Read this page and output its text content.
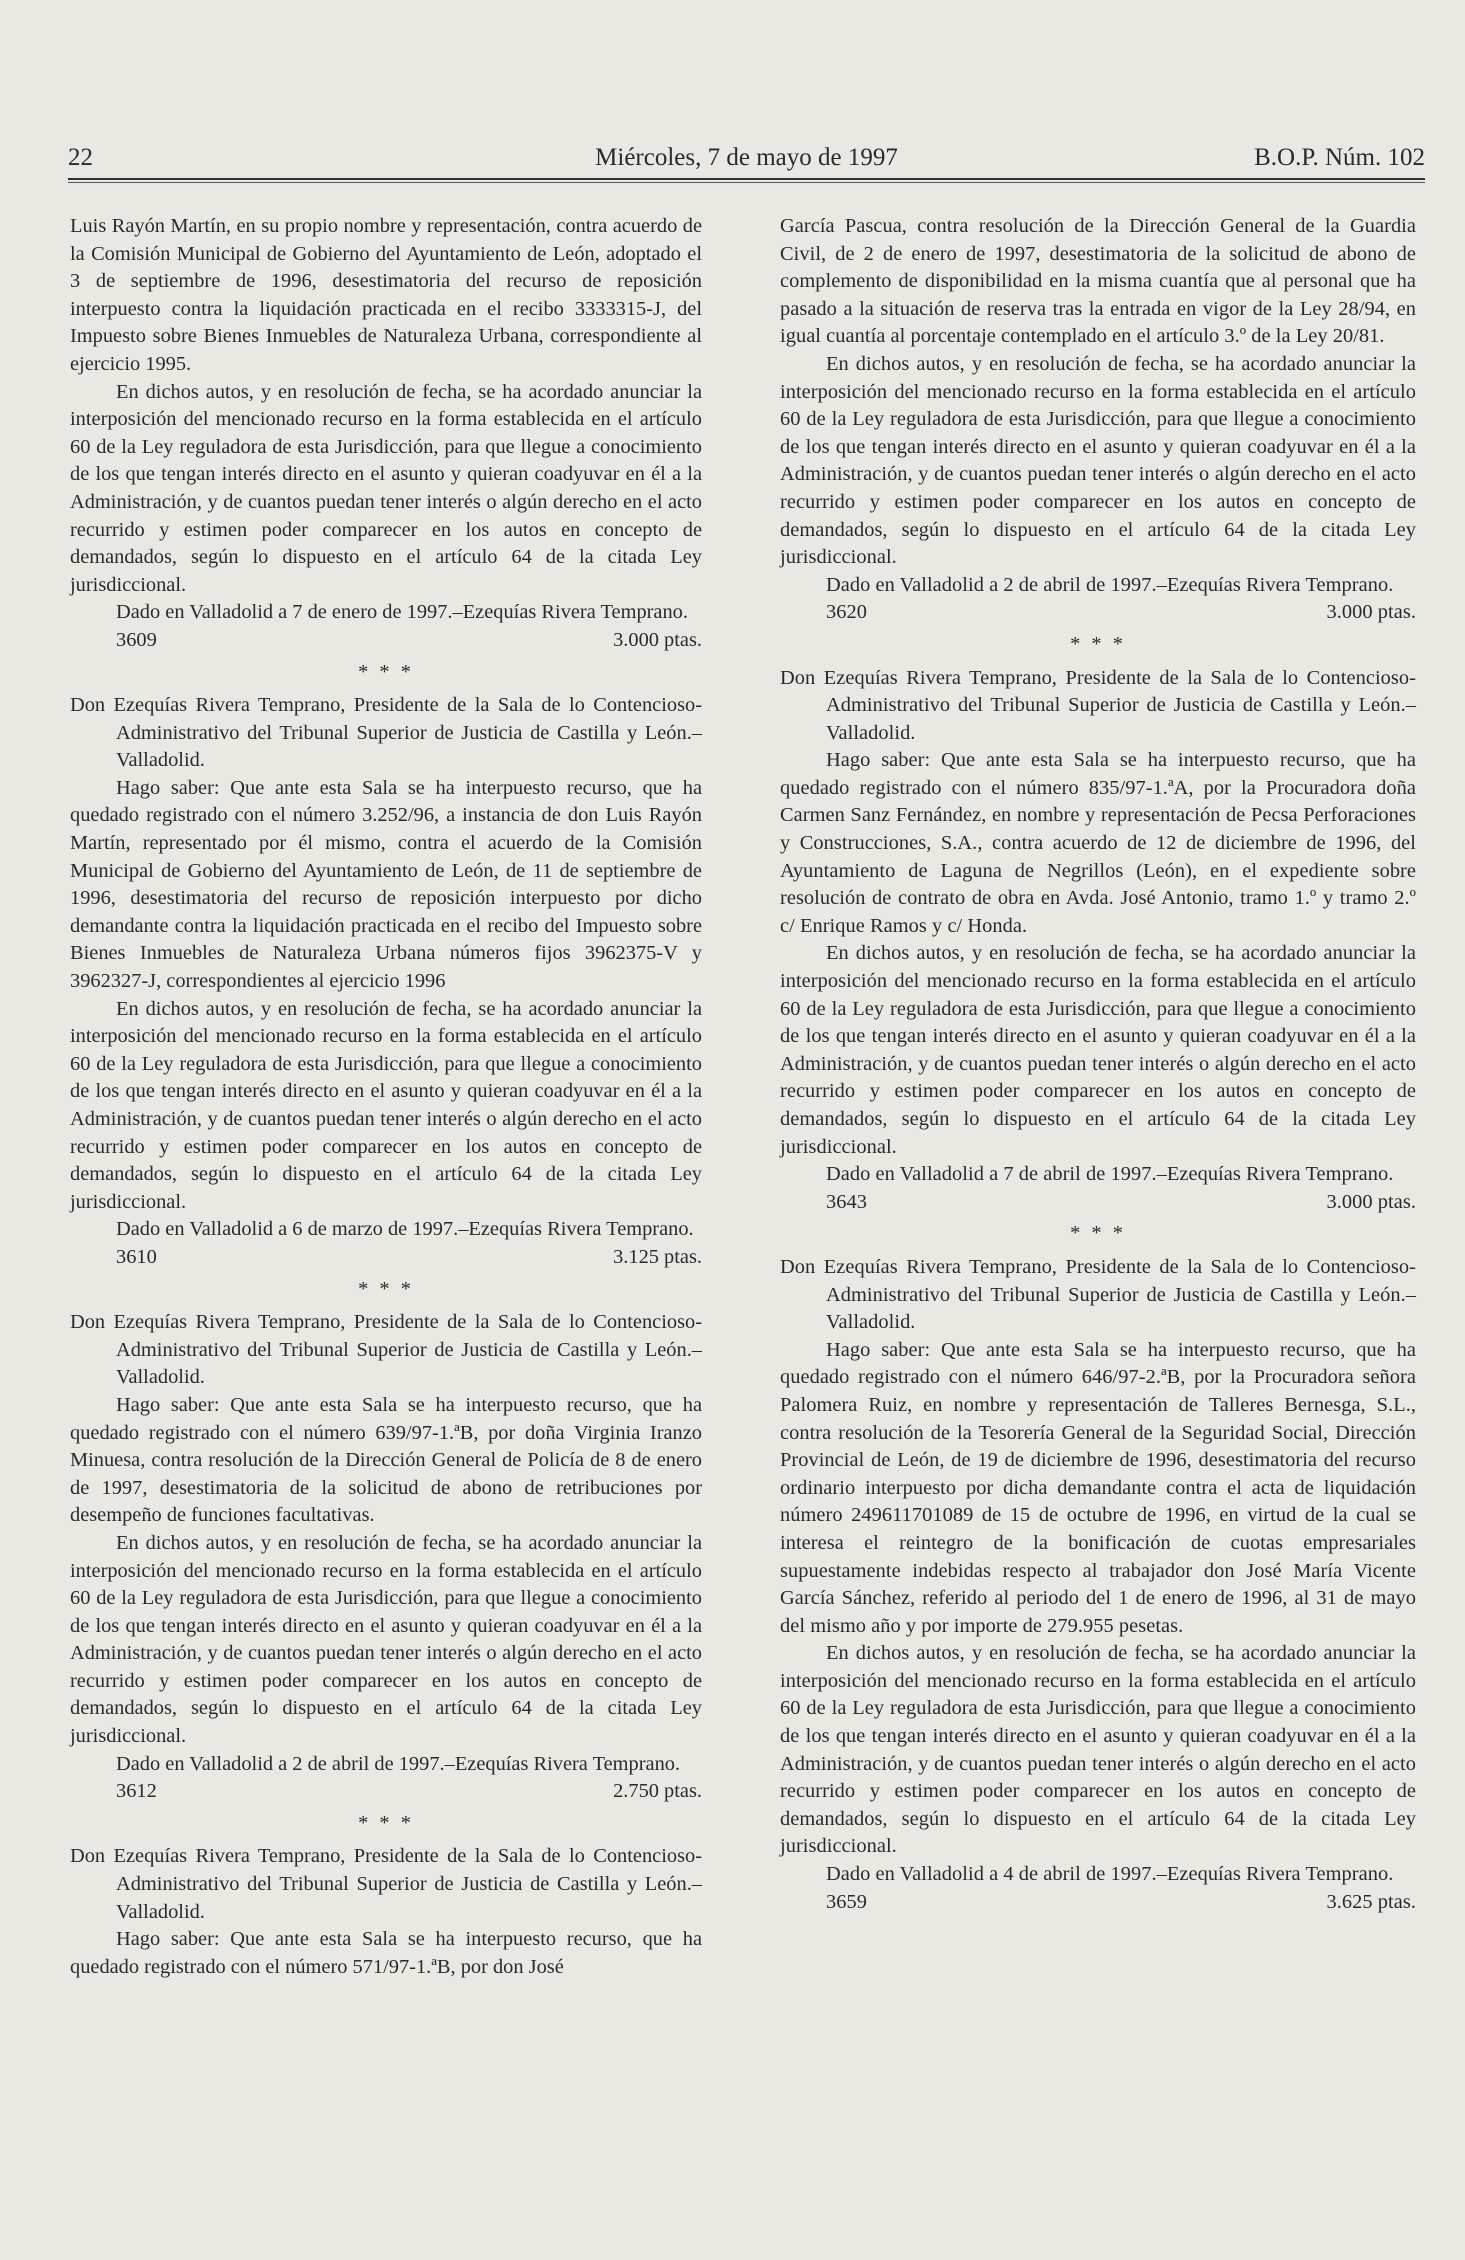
22	Miércoles, 7 de mayo de 1997	B.O.P. Núm. 102

Luis Rayón Martín, en su propio nombre y representación, contra acuerdo de la Comisión Municipal de Gobierno del Ayuntamiento de León, adoptado el 3 de septiembre de 1996, desestimatoria del recurso de reposición interpuesto contra la liquidación practicada en el recibo 3333315-J, del Impuesto sobre Bienes Inmuebles de Naturaleza Urbana, correspondiente al ejercicio 1995.

En dichos autos, y en resolución de fecha, se ha acordado anunciar la interposición del mencionado recurso en la forma establecida en el artículo 60 de la Ley reguladora de esta Jurisdicción, para que llegue a conocimiento de los que tengan interés directo en el asunto y quieran coadyuvar en él a la Administración, y de cuantos puedan tener interés o algún derecho en el acto recurrido y estimen poder comparecer en los autos en concepto de demandados, según lo dispuesto en el artículo 64 de la citada Ley jurisdiccional.

Dado en Valladolid a 7 de enero de 1997.–Ezequías Rivera Temprano.

3609	3.000 ptas.

* * *

Don Ezequías Rivera Temprano, Presidente de la Sala de lo Contencioso-Administrativo del Tribunal Superior de Justicia de Castilla y León.– Valladolid.

Hago saber: Que ante esta Sala se ha interpuesto recurso, que ha quedado registrado con el número 3.252/96, a instancia de don Luis Rayón Martín, representado por él mismo, contra el acuerdo de la Comisión Municipal de Gobierno del Ayuntamiento de León, de 11 de septiembre de 1996, desestimatoria del recurso de reposición interpuesto por dicho demandante contra la liquidación practicada en el recibo del Impuesto sobre Bienes Inmuebles de Naturaleza Urbana números fijos 3962375-V y 3962327-J, correspondientes al ejercicio 1996

En dichos autos, y en resolución de fecha, se ha acordado anunciar la interposición del mencionado recurso en la forma establecida en el artículo 60 de la Ley reguladora de esta Jurisdicción, para que llegue a conocimiento de los que tengan interés directo en el asunto y quieran coadyuvar en él a la Administración, y de cuantos puedan tener interés o algún derecho en el acto recurrido y estimen poder comparecer en los autos en concepto de demandados, según lo dispuesto en el artículo 64 de la citada Ley jurisdiccional.

Dado en Valladolid a 6 de marzo de 1997.–Ezequías Rivera Temprano.

3610	3.125 ptas.

* * *

Don Ezequías Rivera Temprano, Presidente de la Sala de lo Contencioso-Administrativo del Tribunal Superior de Justicia de Castilla y León.– Valladolid.

Hago saber: Que ante esta Sala se ha interpuesto recurso, que ha quedado registrado con el número 639/97-1.ªB, por doña Virginia Iranzo Minuesa, contra resolución de la Dirección General de Policía de 8 de enero de 1997, desestimatoria de la solicitud de abono de retribuciones por desempeño de funciones facultativas.

En dichos autos, y en resolución de fecha, se ha acordado anunciar la interposición del mencionado recurso en la forma establecida en el artículo 60 de la Ley reguladora de esta Jurisdicción, para que llegue a conocimiento de los que tengan interés directo en el asunto y quieran coadyuvar en él a la Administración, y de cuantos puedan tener interés o algún derecho en el acto recurrido y estimen poder comparecer en los autos en concepto de demandados, según lo dispuesto en el artículo 64 de la citada Ley jurisdiccional.

Dado en Valladolid a 2 de abril de 1997.–Ezequías Rivera Temprano.

3612	2.750 ptas.

* * *

Don Ezequías Rivera Temprano, Presidente de la Sala de lo Contencioso-Administrativo del Tribunal Superior de Justicia de Castilla y León.– Valladolid.

Hago saber: Que ante esta Sala se ha interpuesto recurso, que ha quedado registrado con el número 571/97-1.ªB, por don José

García Pascua, contra resolución de la Dirección General de la Guardia Civil, de 2 de enero de 1997, desestimatoria de la solicitud de abono de complemento de disponibilidad en la misma cuantía que al personal que ha pasado a la situación de reserva tras la entrada en vigor de la Ley 28/94, en igual cuantía al porcentaje contemplado en el artículo 3.º de la Ley 20/81.

En dichos autos, y en resolución de fecha, se ha acordado anunciar la interposición del mencionado recurso en la forma establecida en el artículo 60 de la Ley reguladora de esta Jurisdicción, para que llegue a conocimiento de los que tengan interés directo en el asunto y quieran coadyuvar en él a la Administración, y de cuantos puedan tener interés o algún derecho en el acto recurrido y estimen poder comparecer en los autos en concepto de demandados, según lo dispuesto en el artículo 64 de la citada Ley jurisdiccional.

Dado en Valladolid a 2 de abril de 1997.–Ezequías Rivera Temprano.

3620	3.000 ptas.

* * *

Don Ezequías Rivera Temprano, Presidente de la Sala de lo Contencioso-Administrativo del Tribunal Superior de Justicia de Castilla y León.– Valladolid.

Hago saber: Que ante esta Sala se ha interpuesto recurso, que ha quedado registrado con el número 835/97-1.ªA, por la Procuradora doña Carmen Sanz Fernández, en nombre y representación de Pecsa Perforaciones y Construcciones, S.A., contra acuerdo de 12 de diciembre de 1996, del Ayuntamiento de Laguna de Negrillos (León), en el expediente sobre resolución de contrato de obra en Avda. José Antonio, tramo 1.º y tramo 2.º c/ Enrique Ramos y c/ Honda.

En dichos autos, y en resolución de fecha, se ha acordado anunciar la interposición del mencionado recurso en la forma establecida en el artículo 60 de la Ley reguladora de esta Jurisdicción, para que llegue a conocimiento de los que tengan interés directo en el asunto y quieran coadyuvar en él a la Administración, y de cuantos puedan tener interés o algún derecho en el acto recurrido y estimen poder comparecer en los autos en concepto de demandados, según lo dispuesto en el artículo 64 de la citada Ley jurisdiccional.

Dado en Valladolid a 7 de abril de 1997.–Ezequías Rivera Temprano.

3643	3.000 ptas.

* * *

Don Ezequías Rivera Temprano, Presidente de la Sala de lo Contencioso-Administrativo del Tribunal Superior de Justicia de Castilla y León.– Valladolid.

Hago saber: Que ante esta Sala se ha interpuesto recurso, que ha quedado registrado con el número 646/97-2.ªB, por la Procuradora señora Palomera Ruiz, en nombre y representación de Talleres Bernesga, S.L., contra resolución de la Tesorería General de la Seguridad Social, Dirección Provincial de León, de 19 de diciembre de 1996, desestimatoria del recurso ordinario interpuesto por dicha demandante contra el acta de liquidación número 249611701089 de 15 de octubre de 1996, en virtud de la cual se interesa el reintegro de la bonificación de cuotas empresariales supuestamente indebidas respecto al trabajador don José María Vicente García Sánchez, referido al periodo del 1 de enero de 1996, al 31 de mayo del mismo año y por importe de 279.955 pesetas.

En dichos autos, y en resolución de fecha, se ha acordado anunciar la interposición del mencionado recurso en la forma establecida en el artículo 60 de la Ley reguladora de esta Jurisdicción, para que llegue a conocimiento de los que tengan interés directo en el asunto y quieran coadyuvar en él a la Administración, y de cuantos puedan tener interés o algún derecho en el acto recurrido y estimen poder comparecer en los autos en concepto de demandados, según lo dispuesto en el artículo 64 de la citada Ley jurisdiccional.

Dado en Valladolid a 4 de abril de 1997.–Ezequías Rivera Temprano.

3659	3.625 ptas.
